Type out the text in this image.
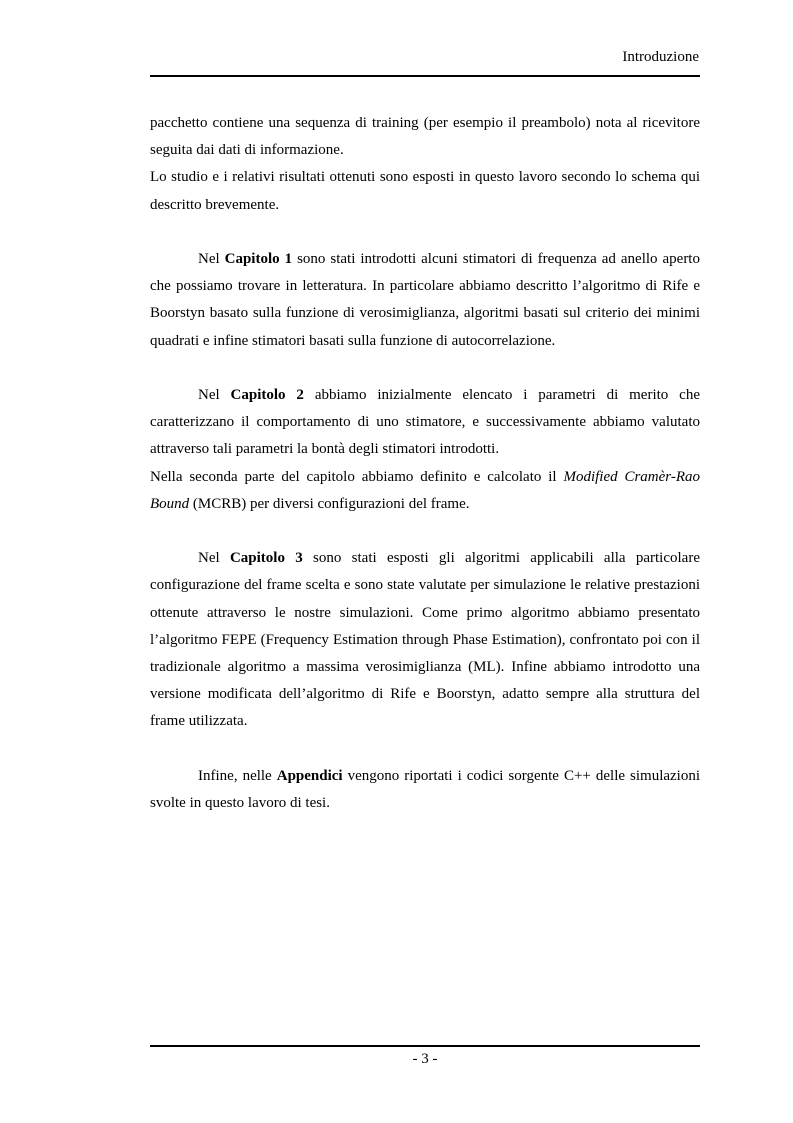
Introduzione

pacchetto contiene una sequenza di training (per esempio il preambolo) nota al ricevitore seguita dai dati di informazione.

Lo studio e i relativi risultati ottenuti sono esposti in questo lavoro secondo lo schema qui descritto brevemente.

Nel Capitolo 1 sono stati introdotti alcuni stimatori di frequenza ad anello aperto che possiamo trovare in letteratura. In particolare abbiamo descritto l’algoritmo di Rife e Boorstyn basato sulla funzione di verosimiglianza, algoritmi basati sul criterio dei minimi quadrati e infine stimatori basati sulla funzione di autocorrelazione.

Nel Capitolo 2 abbiamo inizialmente elencato i parametri di merito che caratterizzano il comportamento di uno stimatore, e successivamente abbiamo valutato attraverso tali parametri la bontà degli stimatori introdotti.

Nella seconda parte del capitolo abbiamo definito e calcolato il Modified Cramèr-Rao Bound (MCRB) per diversi configurazioni del frame.

Nel Capitolo 3 sono stati esposti gli algoritmi applicabili alla particolare configurazione del frame scelta e sono state valutate per simulazione le relative prestazioni ottenute attraverso le nostre simulazioni. Come primo algoritmo abbiamo presentato l’algoritmo FEPE (Frequency Estimation through Phase Estimation), confrontato poi con il tradizionale algoritmo a massima verosimiglianza (ML). Infine abbiamo introdotto una versione modificata dell’algoritmo di Rife e Boorstyn, adatto sempre alla struttura del frame utilizzata.

Infine, nelle Appendici vengono riportati i codici sorgente C++ delle simulazioni svolte in questo lavoro di tesi.

- 3 -
